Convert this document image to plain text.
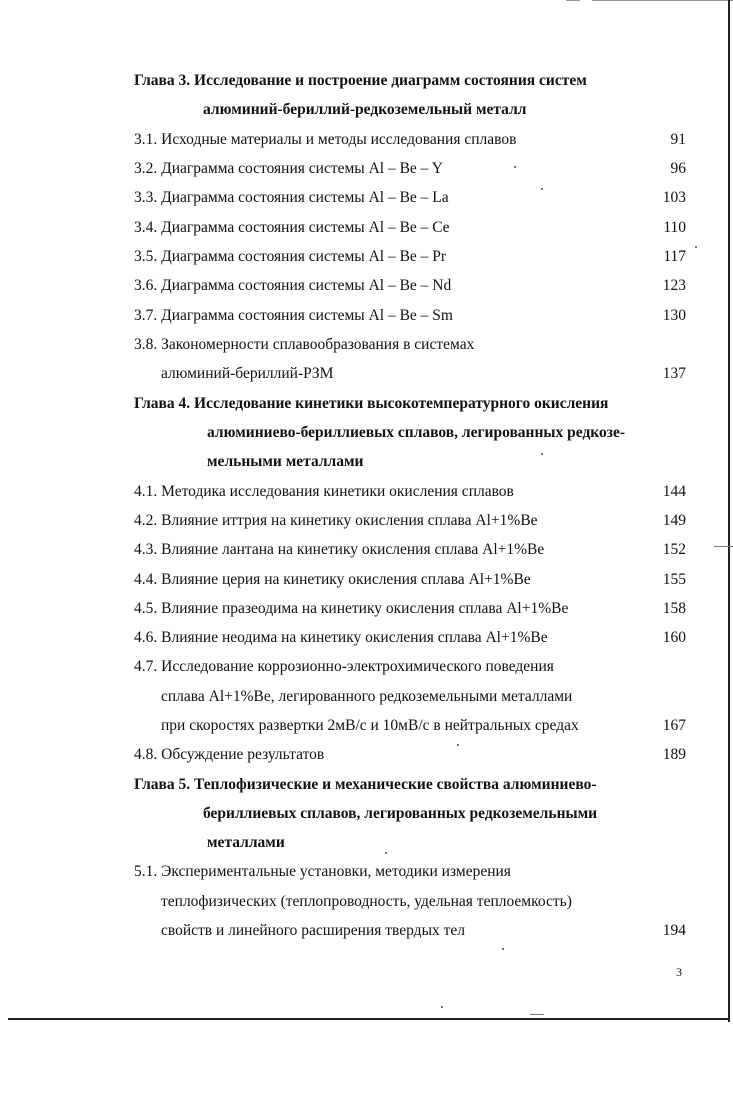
Глава 3. Исследование и построение диаграмм состояния систем
алюминий-бериллий-редкоземельный металл
3.1. Исходные материалы и методы исследования сплавов	91
3.2. Диаграмма состояния системы Al – Be – Y	96
3.3. Диаграмма состояния системы Al – Be – La	103
3.4. Диаграмма состояния системы Al – Be – Ce	110
3.5. Диаграмма состояния системы Al – Be – Pr	117
3.6. Диаграмма состояния системы Al – Be – Nd	123
3.7. Диаграмма состояния системы Al – Be – Sm	130
3.8. Закономерности сплавообразования в системах
алюминий-бериллий-РЗМ	137
Глава 4. Исследование кинетики высокотемпературного окисления
алюминиево-бериллиевых сплавов, легированных редкозе-
мельными металлами
4.1. Методика исследования кинетики окисления сплавов	144
4.2. Влияние иттрия на кинетику окисления сплава Al+1%Be	149
4.3. Влияние лантана на кинетику окисления сплава Al+1%Be	152
4.4. Влияние церия на кинетику окисления сплава Al+1%Be	155
4.5. Влияние празеодима на кинетику окисления сплава Al+1%Be	158
4.6. Влияние неодима на кинетику окисления сплава Al+1%Be	160
4.7. Исследование коррозионно-электрохимического поведения
сплава Al+1%Be, легированного редкоземельными металлами
при скоростях развертки 2мВ/с и 10мВ/с в нейтральных средах	167
4.8. Обсуждение результатов	189
Глава 5. Теплофизические и механические свойства алюминиево-
бериллиевых сплавов, легированных редкоземельными
металлами
5.1. Экспериментальные установки, методики измерения
теплофизических (теплопроводность, удельная теплоемкость)
свойств и линейного расширения твердых тел	194
3
